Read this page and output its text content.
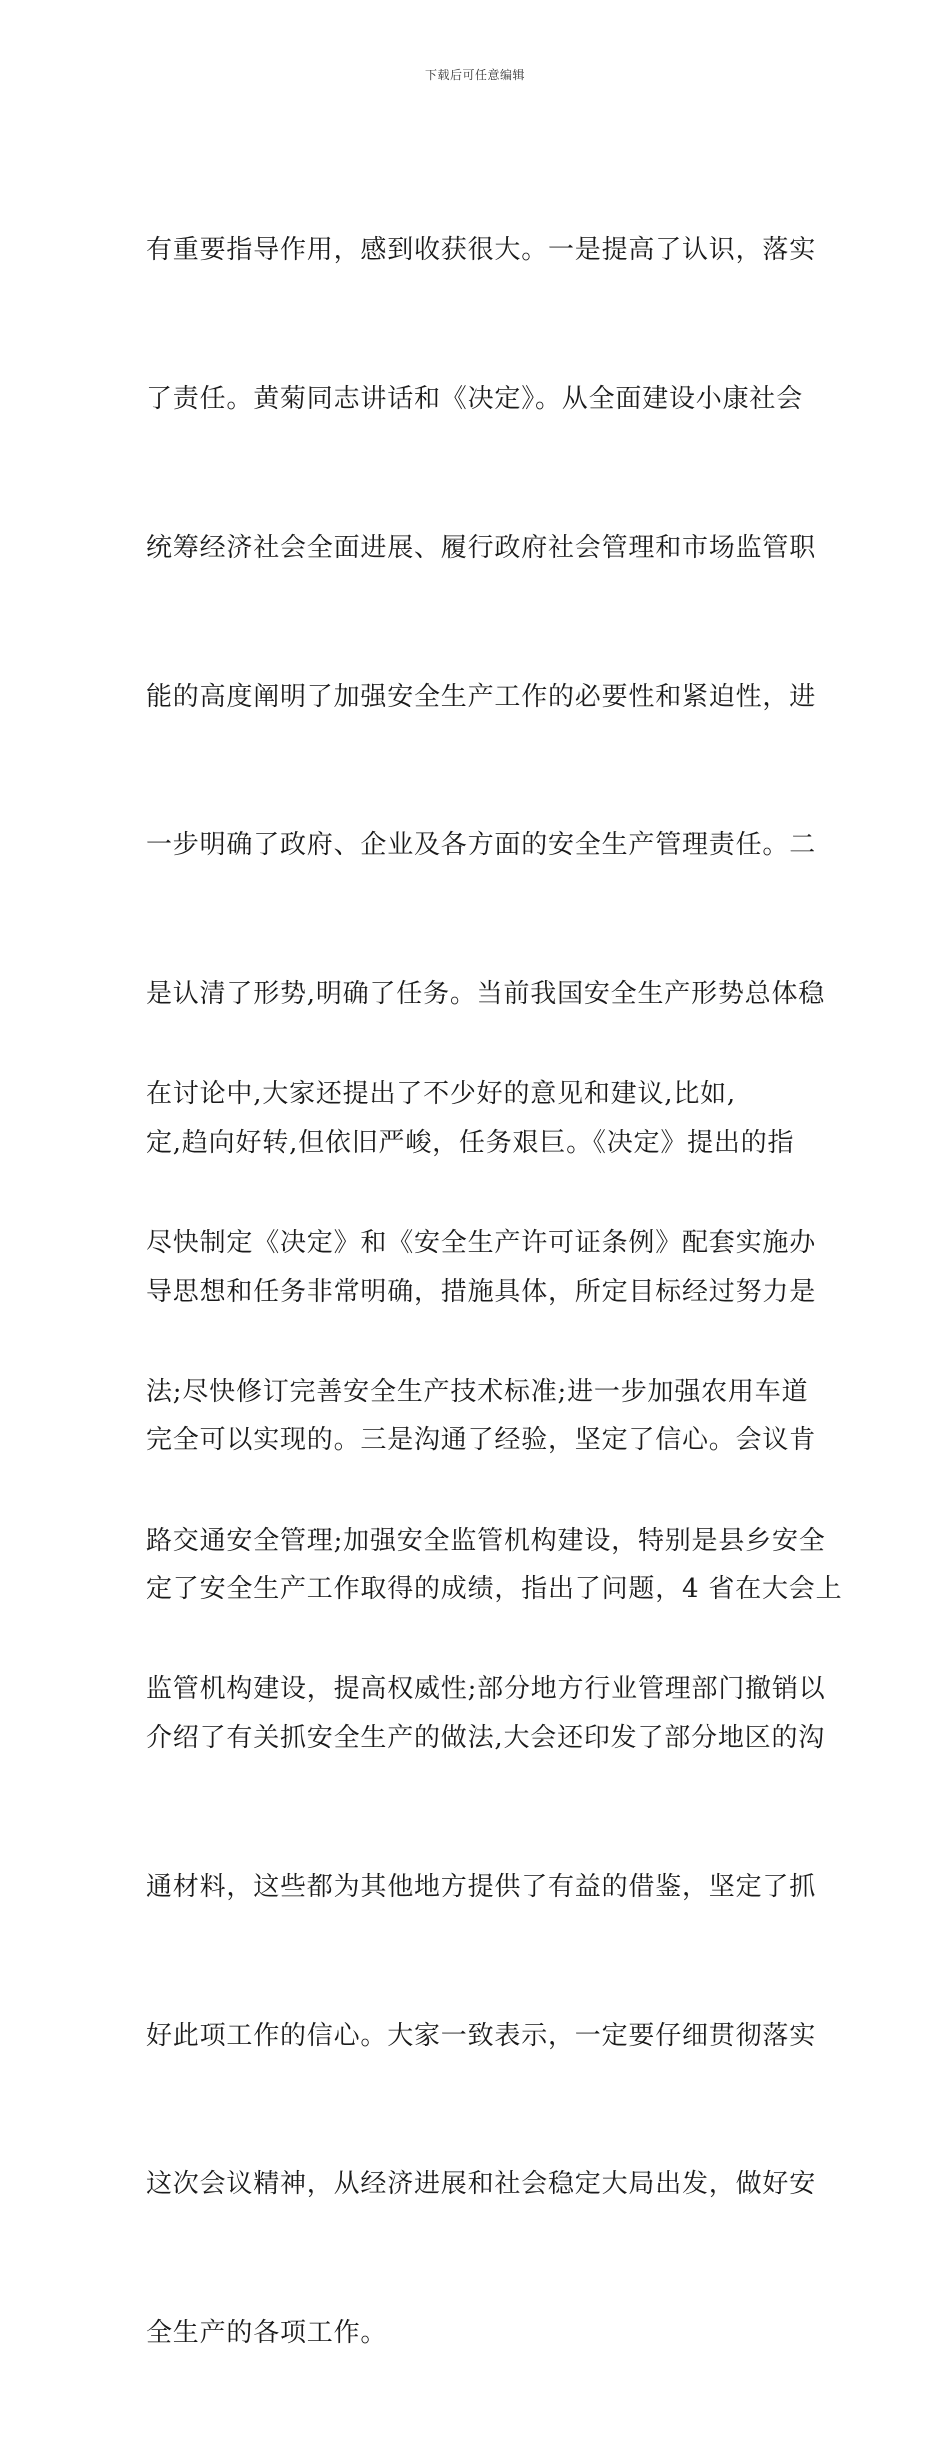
下载后可任意编辑

有重要指导作用，感到收获很大。一是提高了认识，落实

了责任。黄菊同志讲话和《决定》。从全面建设小康社会

统筹经济社会全面进展、履行政府社会管理和市场监管职

能的高度阐明了加强安全生产工作的必要性和紧迫性，进

一步明确了政府、企业及各方面的安全生产管理责任。二

是认清了形势,明确了任务。当前我国安全生产形势总体稳

定,趋向好转,但依旧严峻，任务艰巨。《决定》提出的指

导思想和任务非常明确，措施具体，所定目标经过努力是

完全可以实现的。三是沟通了经验，坚定了信心。会议肯

定了安全生产工作取得的成绩，指出了问题，4 省在大会上

介绍了有关抓安全生产的做法,大会还印发了部分地区的沟

通材料，这些都为其他地方提供了有益的借鉴，坚定了抓

好此项工作的信心。大家一致表示，一定要仔细贯彻落实

这次会议精神，从经济进展和社会稳定大局出发，做好安

全生产的各项工作。

在讨论中,大家还提出了不少好的意见和建议,比如,

尽快制定《决定》和《安全生产许可证条例》配套实施办

法;尽快修订完善安全生产技术标准;进一步加强农用车道

路交通安全管理;加强安全监管机构建设，特别是县乡安全

监管机构建设，提高权威性;部分地方行业管理部门撤销以
